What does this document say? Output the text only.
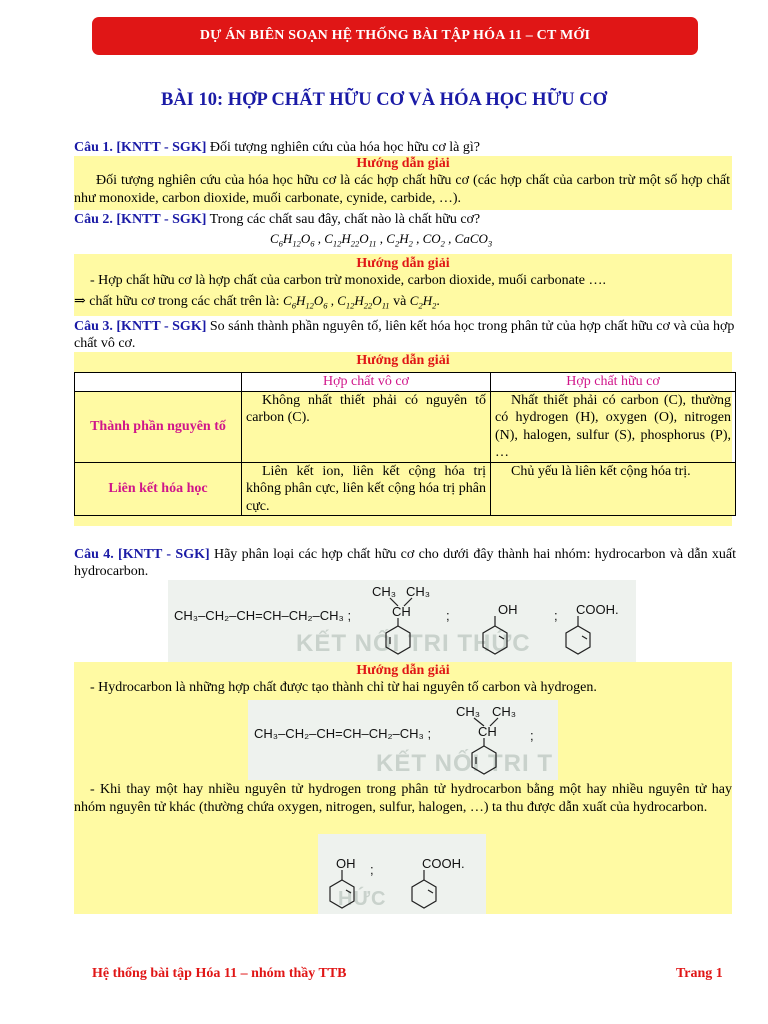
DỰ ÁN BIÊN SOẠN HỆ THỐNG BÀI TẬP HÓA 11 – CT MỚI
BÀI 10: HỢP CHẤT HỮU CƠ VÀ HÓA HỌC HỮU CƠ
Câu 1. [KNTT - SGK] Đối tượng nghiên cứu của hóa học hữu cơ là gì?
Hướng dẫn giải
Đối tượng nghiên cứu của hóa học hữu cơ là các hợp chất hữu cơ (các hợp chất của carbon trừ một số hợp chất như monoxide, carbon dioxide, muối carbonate, cynide, carbide, …).
Câu 2. [KNTT - SGK] Trong các chất sau đây, chất nào là chất hữu cơ?
$C_6H_{12}O_6$ , $C_{12}H_{22}O_{11}$ , $C_2H_2$ , $CO_2$ , CaCO$_3$
Hướng dẫn giải
- Hợp chất hữu cơ là hợp chất của carbon trừ monoxide, carbon dioxide, muối carbonate ….
⇒ chất hữu cơ trong các chất trên là: $C_6H_{12}O_6$ , $C_{12}H_{22}O_{11}$ và $C_2H_2$.
Câu 3. [KNTT - SGK] So sánh thành phần nguyên tố, liên kết hóa học trong phân tử của hợp chất hữu cơ và của hợp chất vô cơ.
Hướng dẫn giải
	Hợp chất vô cơ	Hợp chất hữu cơ
Thành phần nguyên tố	Không nhất thiết phải có nguyên tố carbon (C).	Nhất thiết phải có carbon (C), thường có hydrogen (H), oxygen (O), nitrogen (N), halogen, sulfur (S), phosphorus (P), …
Liên kết hóa học	Liên kết ion, liên kết cộng hóa trị không phân cực, liên kết cộng hóa trị phân cực.	Chủ yếu là liên kết cộng hóa trị.
Câu 4. [KNTT - SGK] Hãy phân loại các hợp chất hữu cơ cho dưới đây thành hai nhóm: hydrocarbon và dẫn xuất hydrocarbon.
KẾT NỐI TRI THỨC
CH₃–CH₂–CH=CH–CH₂–CH₃ ;
CH₃ CH₃
CH	;	OH	; COOH.
Hướng dẫn giải
- Hydrocarbon là những hợp chất được tạo thành chỉ từ hai nguyên tố carbon và hydrogen.
KẾT NỐI TRI T
CH₃–CH₂–CH=CH–CH₂–CH₃ ;
CH₃ CH₃
CH	;
- Khi thay một hay nhiều nguyên tử hydrogen trong phân tử hydrocarbon bằng một hay nhiều nguyên tử hay nhóm nguyên tử khác (thường chứa oxygen, nitrogen, sulfur, halogen, …) ta thu được dẫn xuất của hydrocarbon.
HỨC
OH ;	COOH.
Hệ thống bài tập Hóa 11 – nhóm thầy TTB	Trang 1
